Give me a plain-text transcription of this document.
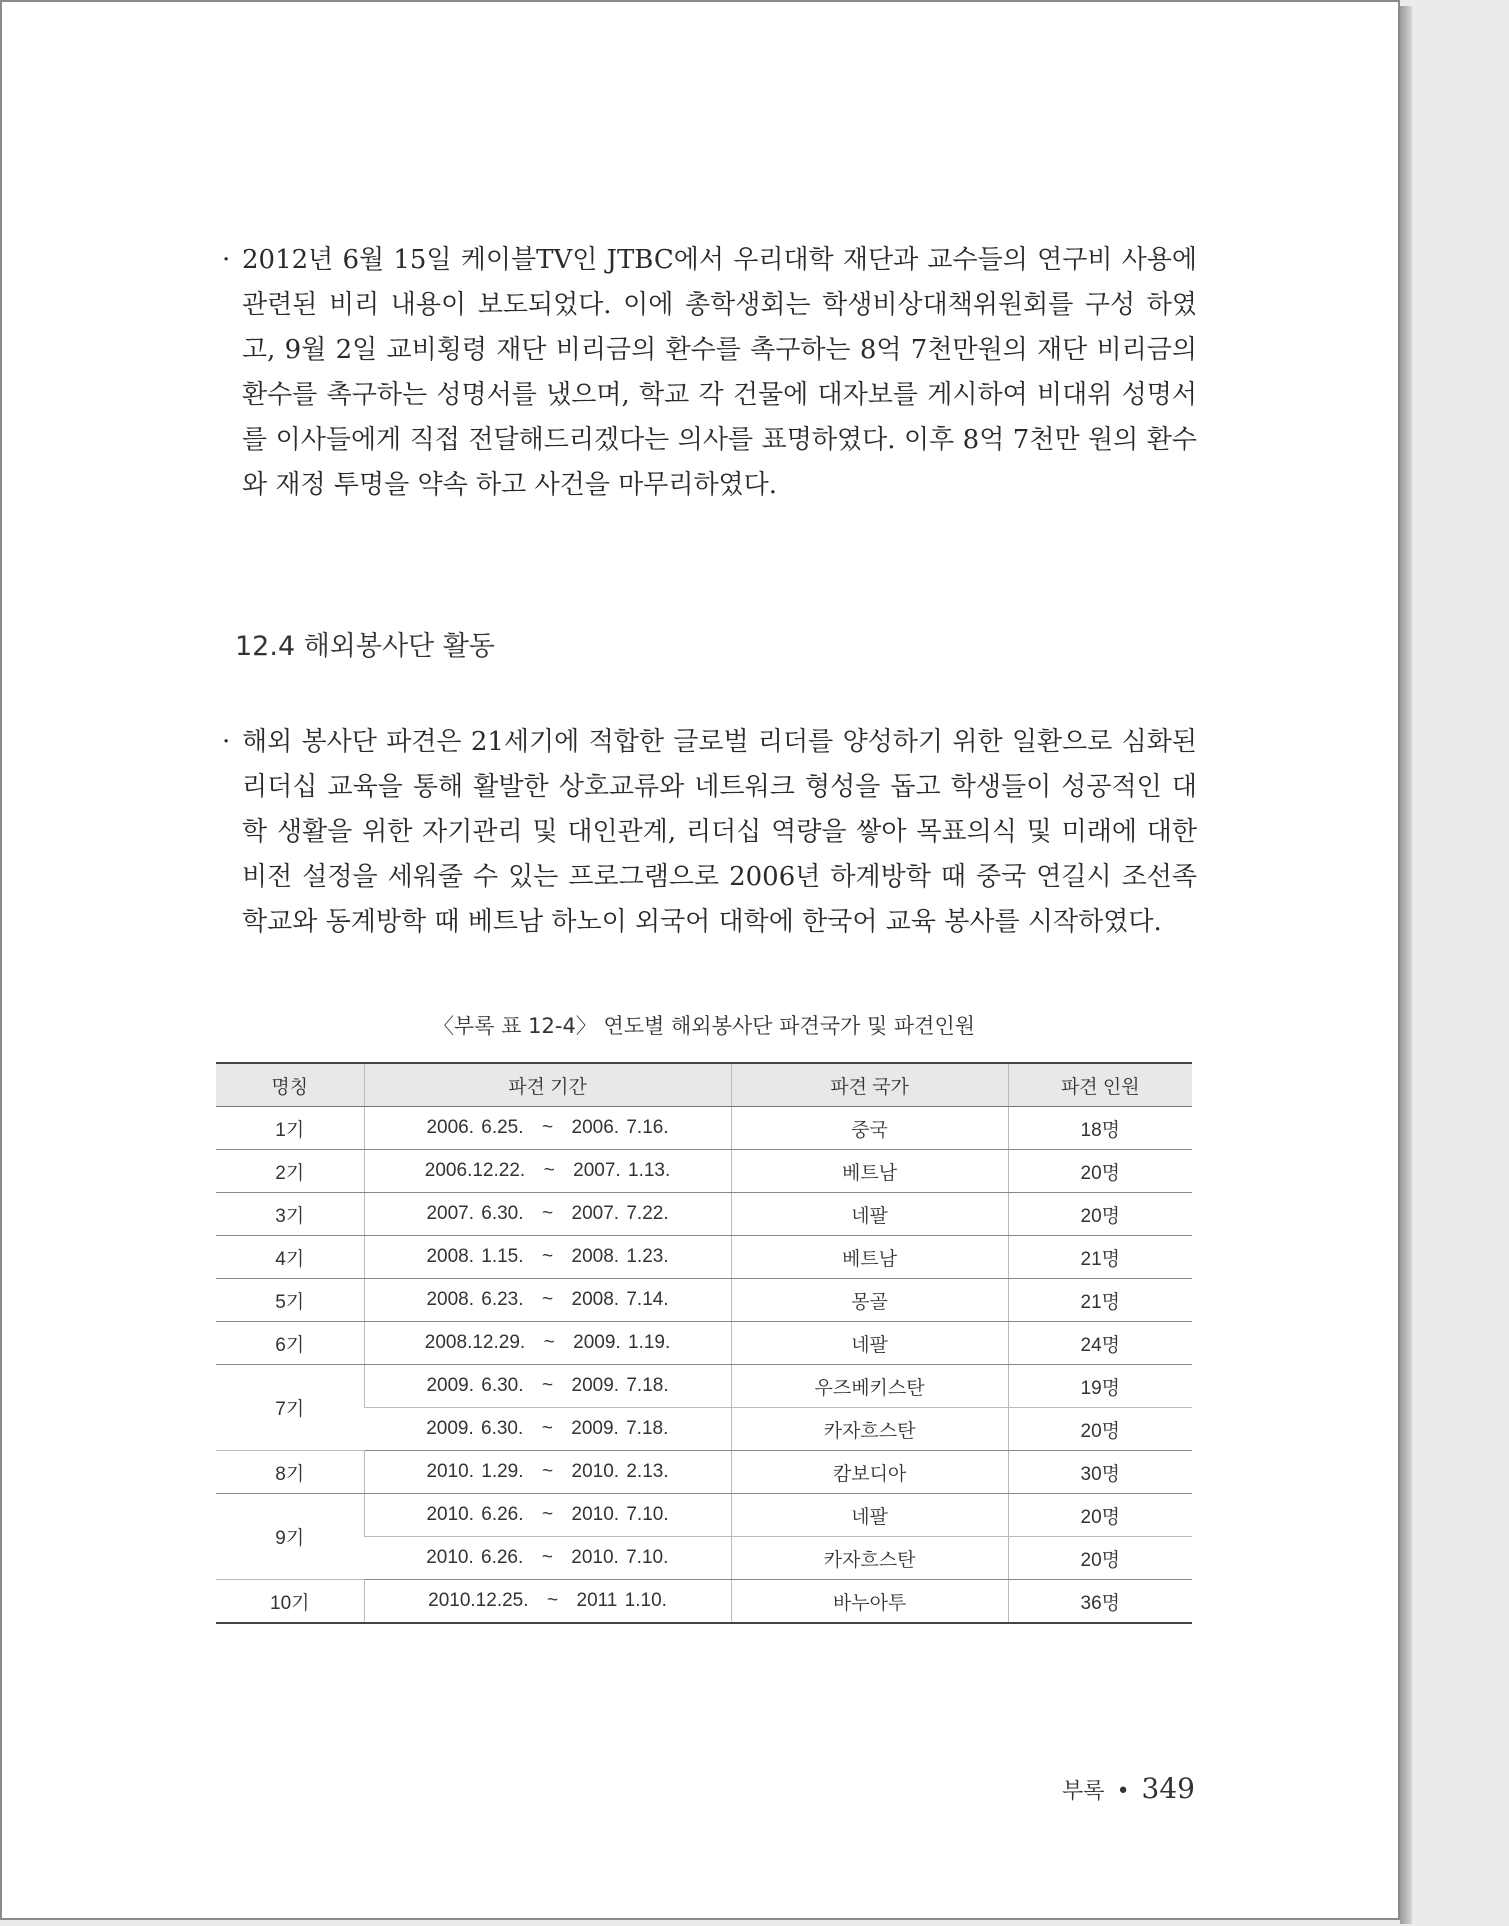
· 2012년 6월 15일 케이블TV인 JTBC에서 우리대학 재단과 교수들의 연구비 사용에 관련된 비리 내용이 보도되었다. 이에 총학생회는 학생비상대책위원회를 구성 하였고, 9월 2일 교비횡령 재단 비리금의 환수를 촉구하는 8억 7천만원의 재단 비리금의 환수를 촉구하는 성명서를 냈으며, 학교 각 건물에 대자보를 게시하여 비대위 성명서를 이사들에게 직접 전달해드리겠다는 의사를 표명하였다. 이후 8억 7천만 원의 환수와 재정 투명을 약속 하고 사건을 마무리하였다.
12.4 해외봉사단 활동
· 해외 봉사단 파견은 21세기에 적합한 글로벌 리더를 양성하기 위한 일환으로 심화된 리더십 교육을 통해 활발한 상호교류와 네트워크 형성을 돕고 학생들이 성공적인 대학 생활을 위한 자기관리 및 대인관계, 리더십 역량을 쌓아 목표의식 및 미래에 대한 비전 설정을 세워줄 수 있는 프로그램으로 2006년 하계방학 때 중국 연길시 조선족 학교와 동계방학 때 베트남 하노이 외국어 대학에 한국어 교육 봉사를 시작하였다.
〈부록 표 12-4〉 연도별 해외봉사단 파견국가 및 파견인원
명칭	파견 기간	파견 국가	파견 인원
1기	2006. 6.25. ~ 2006. 7.16.	중국	18명
2기	2006.12.22. ~ 2007. 1.13.	베트남	20명
3기	2007. 6.30. ~ 2007. 7.22.	네팔	20명
4기	2008. 1.15. ~ 2008. 1.23.	베트남	21명
5기	2008. 6.23. ~ 2008. 7.14.	몽골	21명
6기	2008.12.29. ~ 2009. 1.19.	네팔	24명
7기	2009. 6.30. ~ 2009. 7.18.	우즈베키스탄	19명
	2009. 6.30. ~ 2009. 7.18.	카자흐스탄	20명
8기	2010. 1.29. ~ 2010. 2.13.	캄보디아	30명
9기	2010. 6.26. ~ 2010. 7.10.	네팔	20명
	2010. 6.26. ~ 2010. 7.10.	카자흐스탄	20명
10기	2010.12.25. ~ 2011 1.10.	바누아투	36명
부록 • 349
